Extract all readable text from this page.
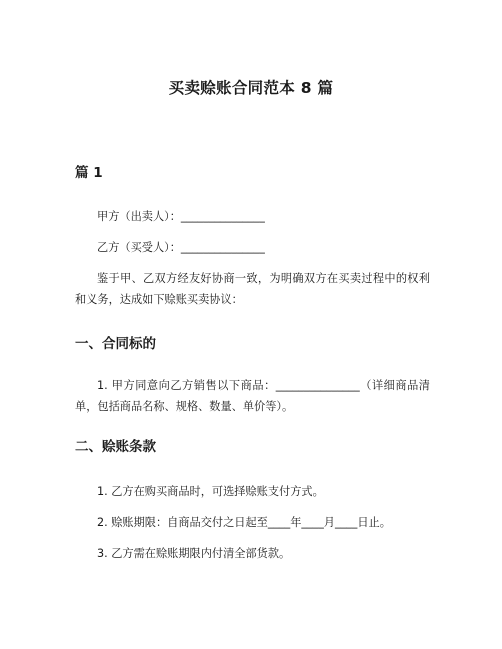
买卖赊账合同范本 8 篇
篇 1

甲方（出卖人）：_______________

乙方（买受人）：_______________

鉴于甲、乙双方经友好协商一致，为明确双方在买卖过程中的权利和义务，达成如下赊账买卖协议：

一、合同标的

1. 甲方同意向乙方销售以下商品：_______________（详细商品清单，包括商品名称、规格、数量、单价等）。

二、赊账条款

1. 乙方在购买商品时，可选择赊账支付方式。

2. 赊账期限：自商品交付之日起至____年____月____日止。

3. 乙方需在赊账期限内付清全部货款。
